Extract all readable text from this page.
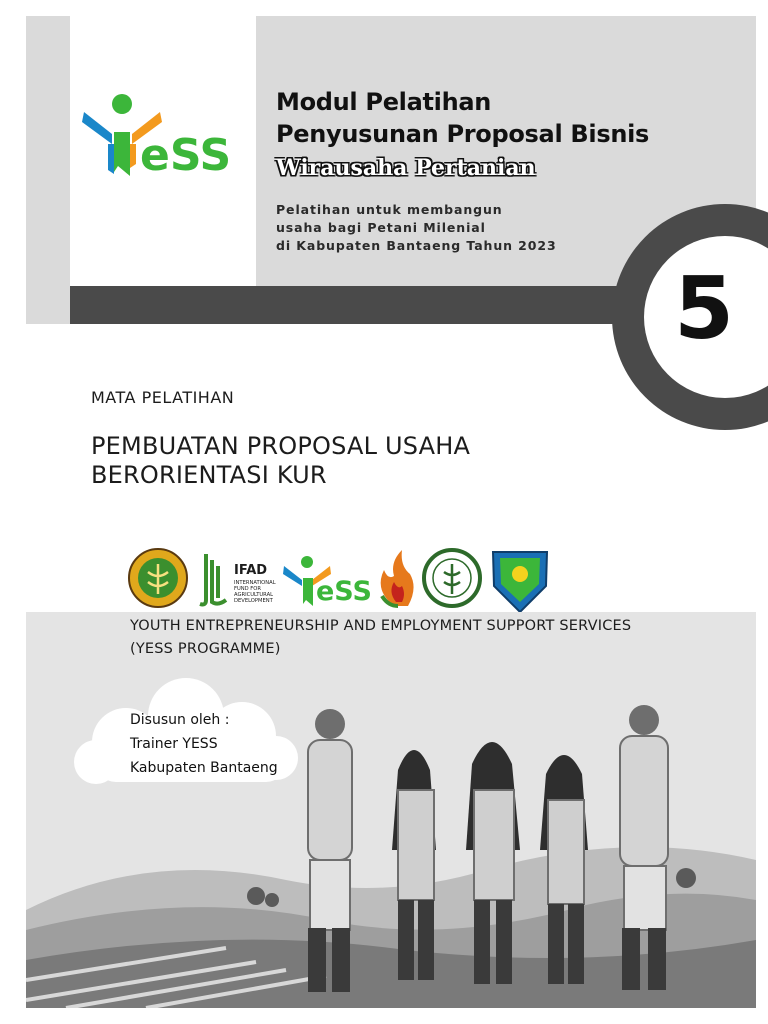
eSS
Modul Pelatihan
Penyusunan Proposal Bisnis
Wirausaha Pertanian
Pelatihan untuk membangun
usaha bagi Petani Milenial
di Kabupaten Bantaeng Tahun 2023
5
MATA PELATIHAN
PEMBUATAN PROPOSAL USAHA
BERORIENTASI KUR
IFAD
INTERNATIONAL
FUND FOR
AGRICULTURAL
DEVELOPMENT eSS
YOUTH ENTREPRENEURSHIP AND EMPLOYMENT SUPPORT SERVICES
(YESS PROGRAMME)
Disusun oleh :
Trainer YESS
Kabupaten Bantaeng
